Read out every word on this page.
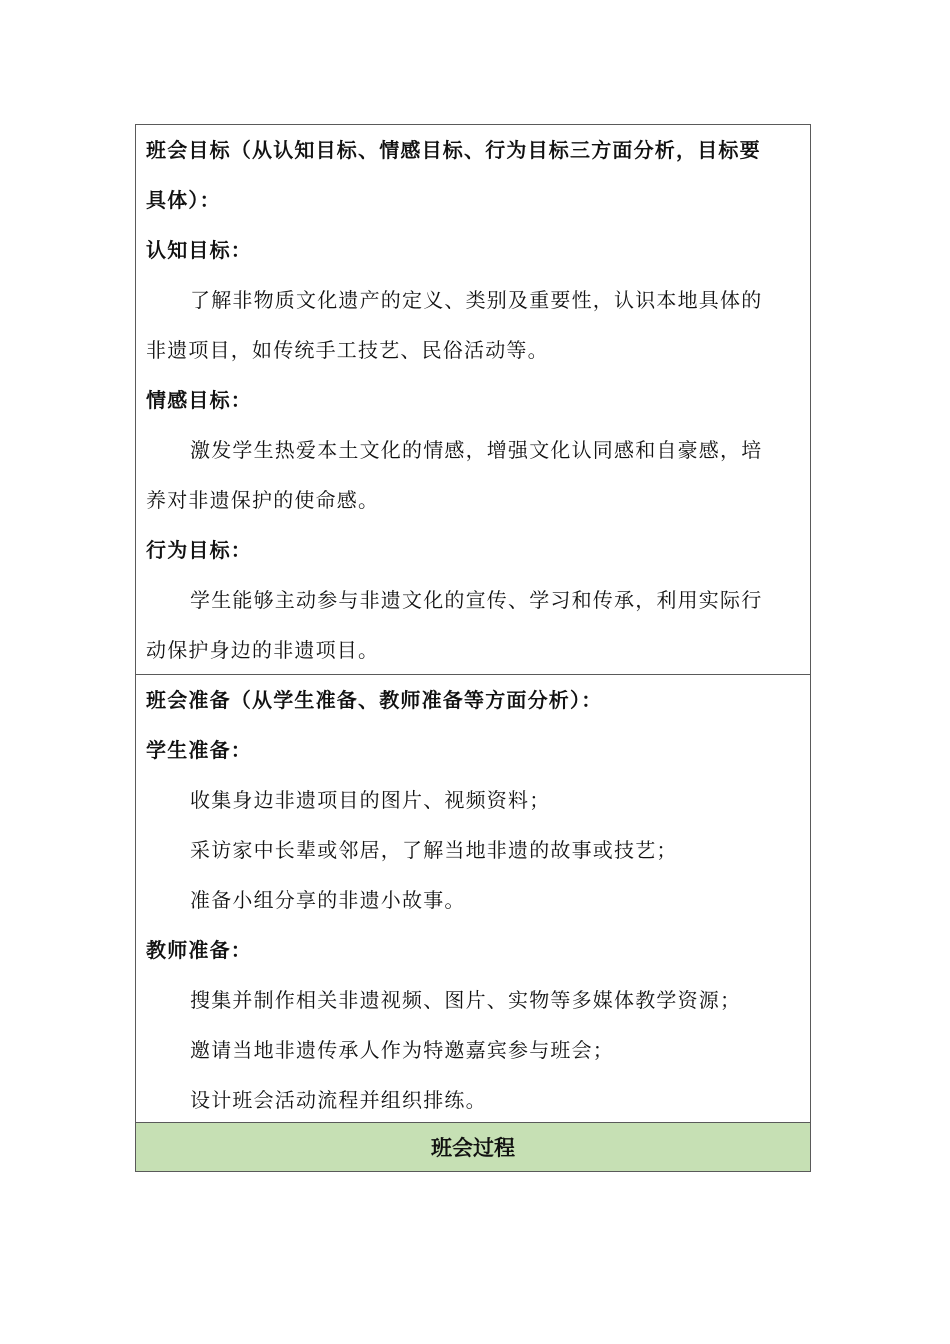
班会目标（从认知目标、情感目标、行为目标三方面分析，目标要
具体）：
认知目标：
了解非物质文化遗产的定义、类别及重要性，认识本地具体的
非遗项目，如传统手工技艺、民俗活动等。
情感目标：
激发学生热爱本土文化的情感，增强文化认同感和自豪感，培
养对非遗保护的使命感。
行为目标：
学生能够主动参与非遗文化的宣传、学习和传承，利用实际行
动保护身边的非遗项目。
班会准备（从学生准备、教师准备等方面分析）：
学生准备：
收集身边非遗项目的图片、视频资料；
采访家中长辈或邻居，了解当地非遗的故事或技艺；
准备小组分享的非遗小故事。
教师准备：
搜集并制作相关非遗视频、图片、实物等多媒体教学资源；
邀请当地非遗传承人作为特邀嘉宾参与班会；
设计班会活动流程并组织排练。
班会过程
